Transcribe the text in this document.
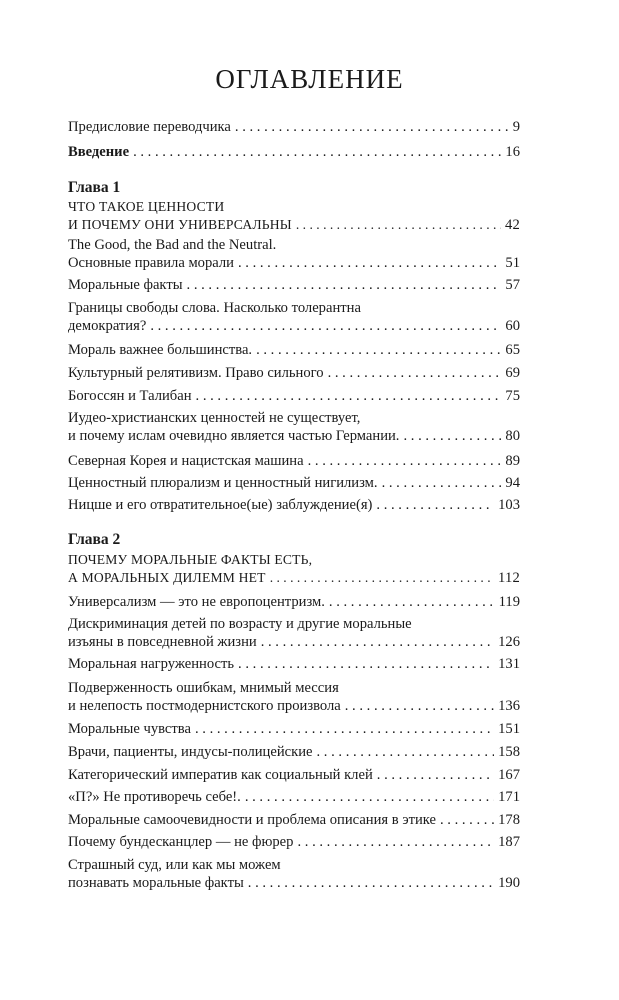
ОГЛАВЛЕНИЕ
Предисловие переводчика . . .	9
Введение . . .	16
Глава 1
ЧТО ТАКОЕ ЦЕННОСТИ
И ПОЧЕМУ ОНИ УНИВЕРСАЛЬНЫ . . .	42
The Good, the Bad and the Neutral.
Основные правила морали . . .	51
Моральные факты . . .	57
Границы свободы слова. Насколько толерантна
демократия? . . .	60
Мораль важнее большинства. . . .	65
Культурный релятивизм. Право сильного . . .	69
Богоссян и Талибан . . .	75
Иудео-христианских ценностей не существует,
и почему ислам очевидно является частью Германии. . . .	80
Северная Корея и нацистская машина . . .	89
Ценностный плюрализм и ценностный нигилизм. . . .	94
Ницше и его отвратительное(ые) заблуждение(я) . . .	103
Глава 2
ПОЧЕМУ МОРАЛЬНЫЕ ФАКТЫ ЕСТЬ,
А МОРАЛЬНЫХ ДИЛЕММ НЕТ . . .	112
Универсализм — это не европоцентризм. . . .	119
Дискриминация детей по возрасту и другие моральные
изъяны в повседневной жизни . . .	126
Моральная нагруженность . . .	131
Подверженность ошибкам, мнимый мессия
и нелепость постмодернистского произвола . . .	136
Моральные чувства . . .	151
Врачи, пациенты, индусы-полицейские . . .	158
Категорический императив как социальный клей . . .	167
«П?» Не противоречь себе!. . . .	171
Моральные самоочевидности и проблема описания в этике . . .	178
Почему бундесканцлер — не фюрер . . .	187
Страшный суд, или как мы можем
познавать моральные факты . . .	190
